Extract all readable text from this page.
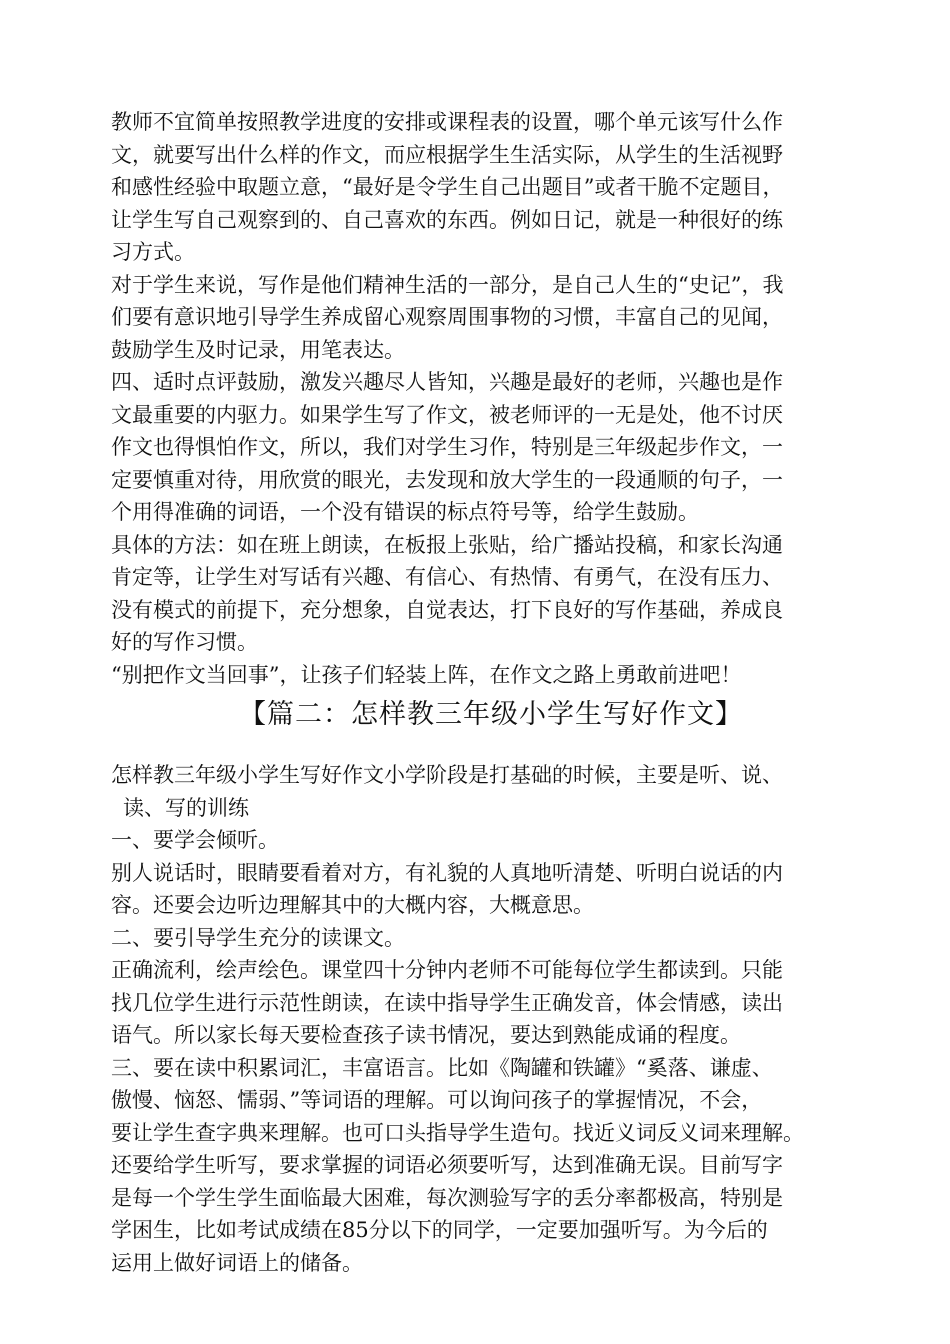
教师不宜简单按照教学进度的安排或课程表的设置，哪个单元该写什么作
文，就要写出什么样的作文，而应根据学生生活实际，从学生的生活视野
和感性经验中取题立意，“最好是令学生自己出题目”或者干脆不定题目，
让学生写自己观察到的、自己喜欢的东西。例如日记，就是一种很好的练
习方式。
对于学生来说，写作是他们精神生活的一部分，是自己人生的“史记”，我
们要有意识地引导学生养成留心观察周围事物的习惯，丰富自己的见闻，
鼓励学生及时记录，用笔表达。
四、适时点评鼓励，激发兴趣尽人皆知，兴趣是最好的老师，兴趣也是作
文最重要的内驱力。如果学生写了作文，被老师评的一无是处，他不讨厌
作文也得惧怕作文，所以，我们对学生习作，特别是三年级起步作文，一
定要慎重对待，用欣赏的眼光，去发现和放大学生的一段通顺的句子，一
个用得准确的词语，一个没有错误的标点符号等，给学生鼓励。
具体的方法：如在班上朗读，在板报上张贴，给广播站投稿，和家长沟通
肯定等，让学生对写话有兴趣、有信心、有热情、有勇气，在没有压力、
没有模式的前提下，充分想象，自觉表达，打下良好的写作基础，养成良
好的写作习惯。
“别把作文当回事”，让孩子们轻装上阵，在作文之路上勇敢前进吧！
【篇二：怎样教三年级小学生写好作文】
怎样教三年级小学生写好作文小学阶段是打基础的时候，主要是听、说、
读、写的训练
一、要学会倾听。
别人说话时，眼睛要看着对方，有礼貌的人真地听清楚、听明白说话的内
容。还要会边听边理解其中的大概内容，大概意思。
二、要引导学生充分的读课文。
正确流利，绘声绘色。课堂四十分钟内老师不可能每位学生都读到。只能
找几位学生进行示范性朗读，在读中指导学生正确发音，体会情感，读出
语气。所以家长每天要检查孩子读书情况，要达到熟能成诵的程度。
三、要在读中积累词汇，丰富语言。比如《陶罐和铁罐》“奚落、谦虚、
傲慢、恼怒、懦弱、”等词语的理解。可以询问孩子的掌握情况，不会，
要让学生查字典来理解。也可口头指导学生造句。找近义词反义词来理解。
还要给学生听写，要求掌握的词语必须要听写，达到准确无误。目前写字
是每一个学生学生面临最大困难，每次测验写字的丢分率都极高，特别是
学困生，比如考试成绩在85分以下的同学，一定要加强听写。为今后的
运用上做好词语上的储备。
